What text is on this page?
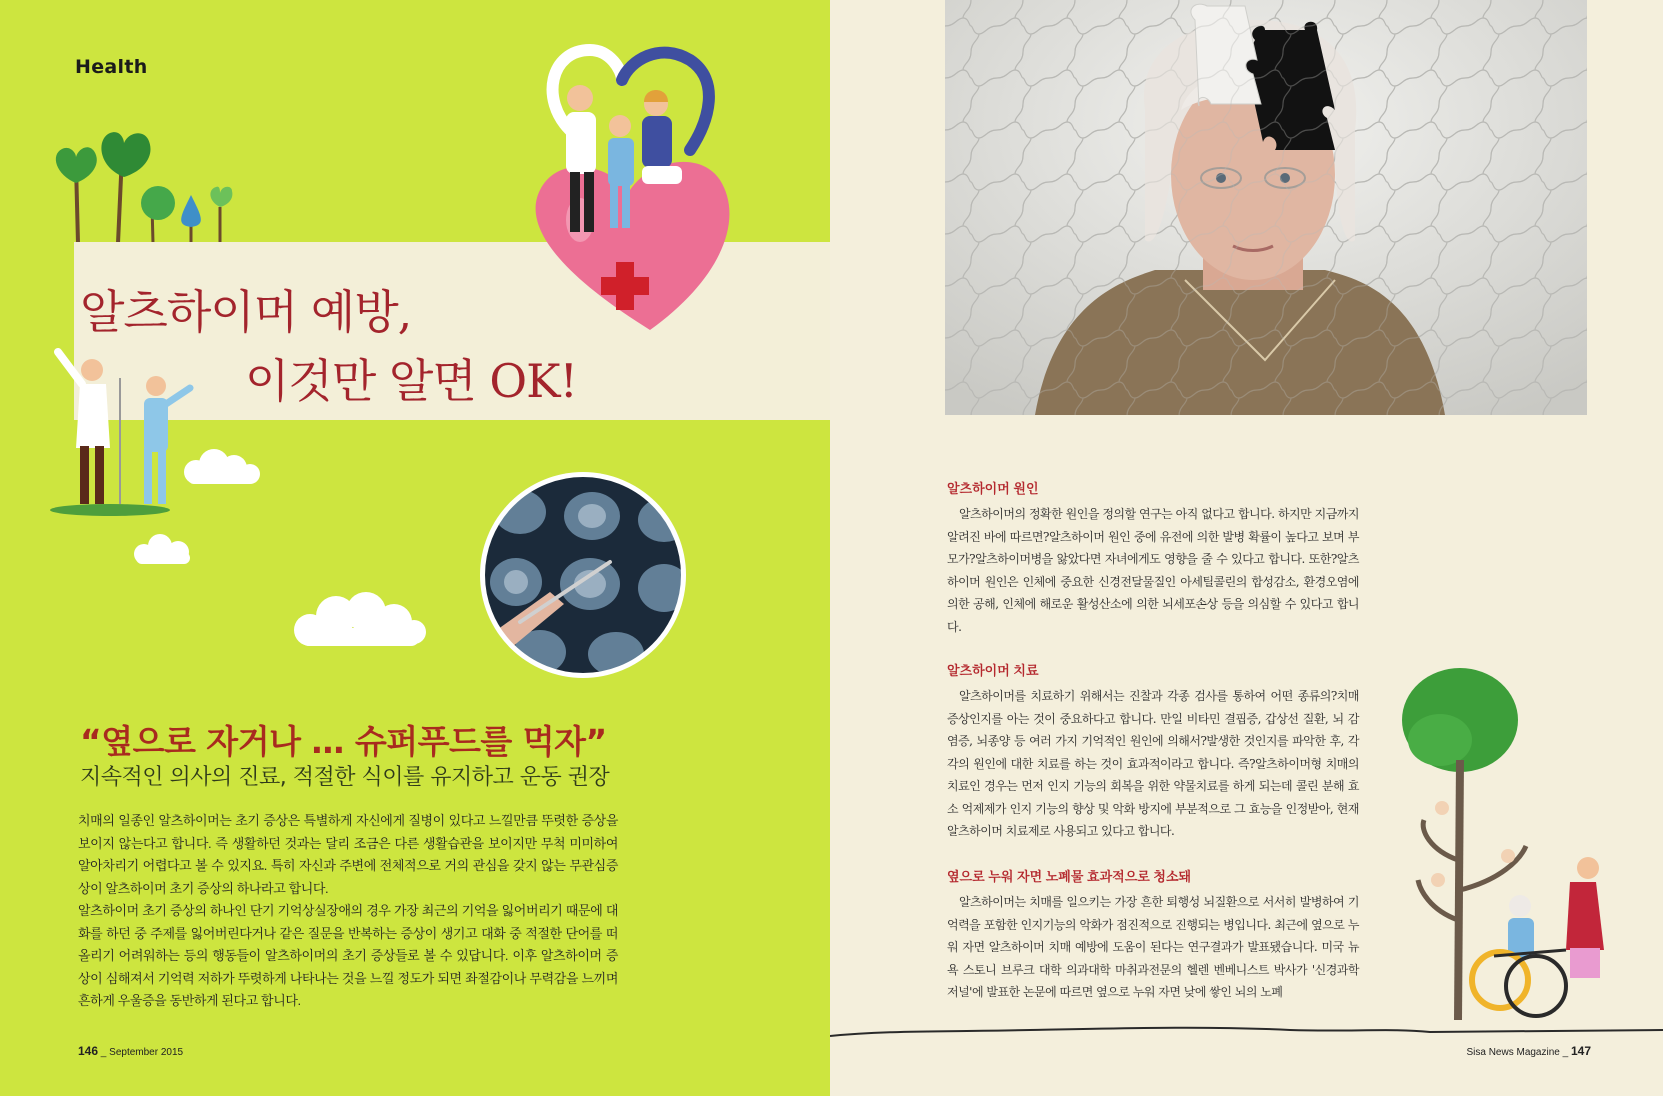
Health
알츠하이머 예방,
이것만 알면 OK!
“옆으로 자거나 … 슈퍼푸드를 먹자”
지속적인 의사의 진료, 적절한 식이를 유지하고 운동 권장

치매의 일종인 알츠하이머는 초기 증상은 특별하게 자신에게 질병이 있다고 느낄만큼 뚜렷한 증상을 보이지 않는다고 합니다. 즉 생활하던 것과는 달리 조금은 다른 생활습관을 보이지만 무척 미미하여 알아차리기 어렵다고 볼 수 있지요. 특히 자신과 주변에 전체적으로 거의 관심을 갖지 않는 무관심증상이 알츠하이머 초기 증상의 하나라고 합니다.

알츠하이머 초기 증상의 하나인 단기 기억상실장애의 경우 가장 최근의 기억을 잃어버리기 때문에 대화를 하던 중 주제를 잃어버린다거나 같은 질문을 반복하는 증상이 생기고 대화 중 적절한 단어를 떠올리기 어려워하는 등의 행동들이 알츠하이머의 초기 증상들로 볼 수 있답니다. 이후 알츠하이머 증상이 심해져서 기억력 저하가 뚜렷하게 나타나는 것을 느낄 정도가 되면 좌절감이나 무력감을 느끼며 흔하게 우울증을 동반하게 된다고 합니다.

146 _ September 2015
알츠하이머 원인
알츠하이머의 정확한 원인을 정의할 연구는 아직 없다고 합니다. 하지만 지금까지 알려진 바에 따르면?알츠하이머 원인 중에 유전에 의한 발병 확률이 높다고 보며 부모가?알츠하이머병을 앓았다면 자녀에게도 영향을 줄 수 있다고 합니다. 또한?알츠하이머 원인은 인체에 중요한 신경전달물질인 아세틸콜린의 합성감소, 환경오염에 의한 공해, 인체에 해로운 활성산소에 의한 뇌세포손상 등을 의심할 수 있다고 합니다.
알츠하이머 치료
알츠하이머를 치료하기 위해서는 진찰과 각종 검사를 통하여 어떤 종류의?치매 증상인지를 아는 것이 중요하다고 합니다. 만일 비타민 결핍증, 갑상선 질환, 뇌 감염증, 뇌종양 등 여러 가지 기억적인 원인에 의해서?발생한 것인지를 파악한 후, 각각의 원인에 대한 치료를 하는 것이 효과적이라고 합니다. 즉?알츠하이머형 치매의 치료인 경우는 먼저 인지 기능의 회복을 위한 약물치료를 하게 되는데 콜린 분해 효소 억제제가 인지 기능의 향상 및 악화 방지에 부분적으로 그 효능을 인정받아, 현재 알츠하이머 치료제로 사용되고 있다고 합니다.
옆으로 누워 자면 노폐물 효과적으로 청소돼
알츠하이머는 치매를 일으키는 가장 흔한 퇴행성 뇌질환으로 서서히 발병하여 기억력을 포함한 인지기능의 악화가 점진적으로 진행되는 병입니다. 최근에 옆으로 누워 자면 알츠하이머 치매 예방에 도움이 된다는 연구결과가 발표됐습니다. 미국 뉴욕 스토니 브루크 대학 의과대학 마취과전문의 헬렌 벤베니스트 박사가 '신경과학 저널'에 발표한 논문에 따르면 옆으로 누워 자면 낮에 쌓인 뇌의 노폐
Sisa News Magazine _ 147
